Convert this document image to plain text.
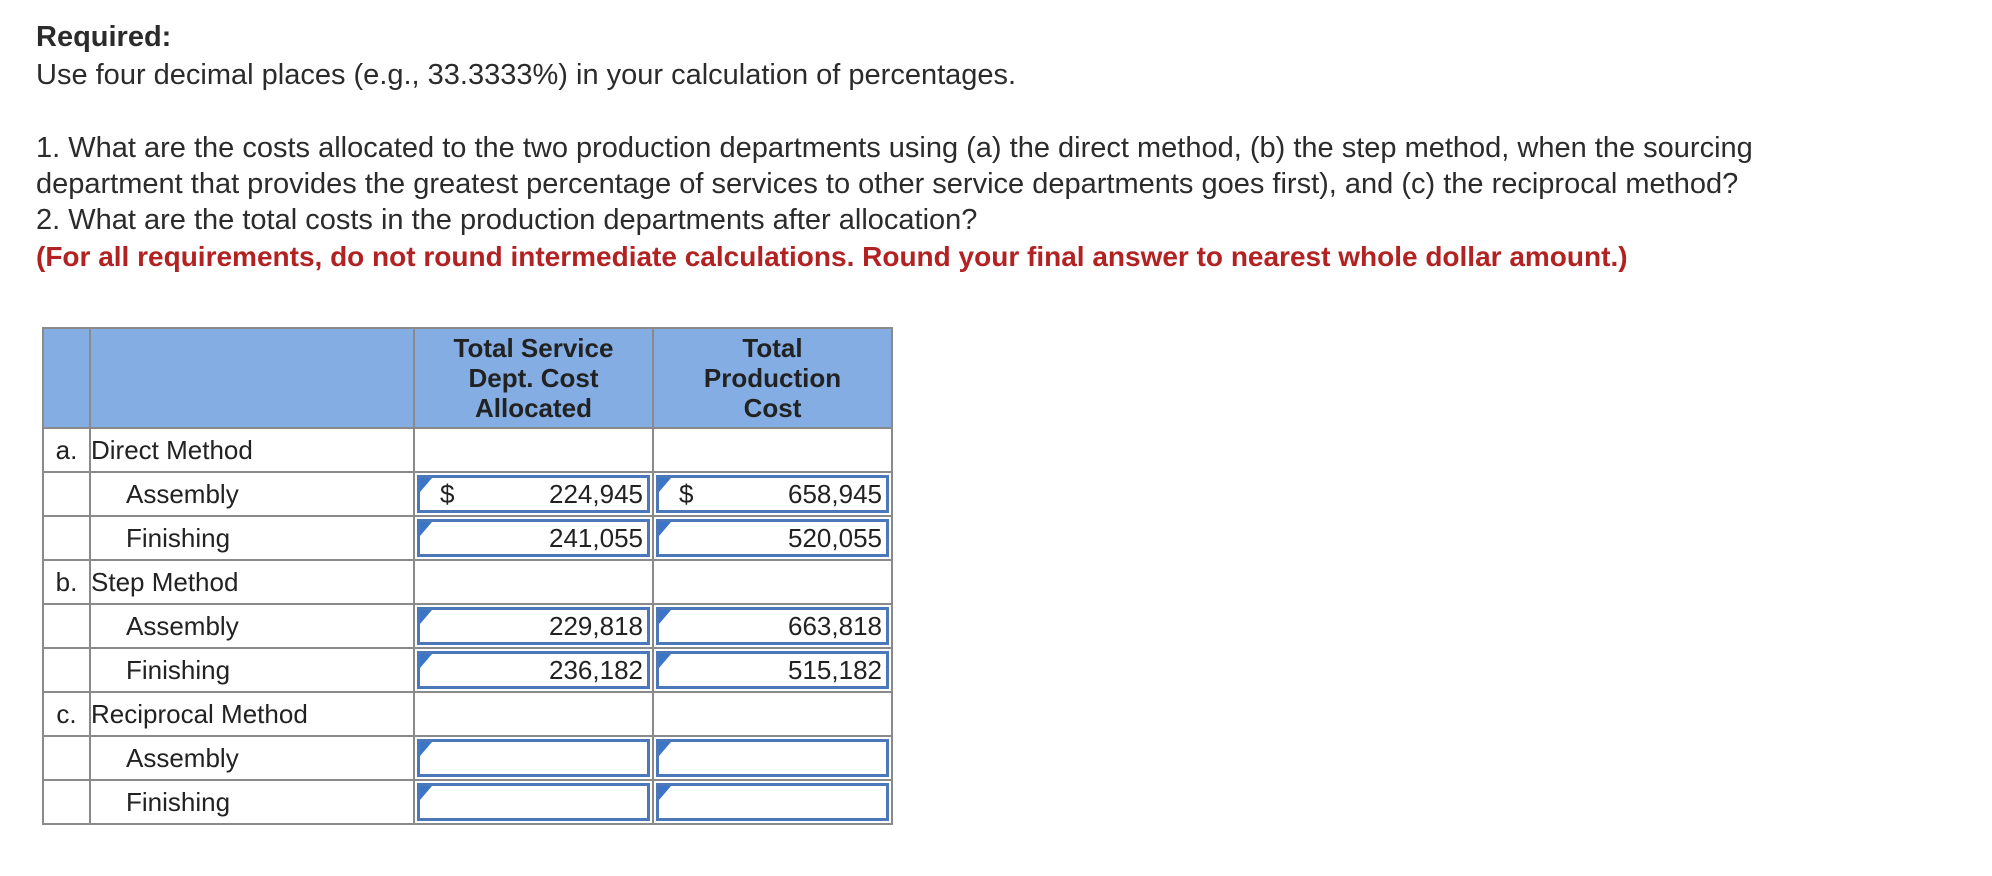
Required:

Use four decimal places (e.g., 33.3333%) in your calculation of percentages.

1. What are the costs allocated to the two production departments using (a) the direct method, (b) the step method, when the sourcing

department that provides the greatest percentage of services to other service departments goes first), and (c) the reciprocal method?

2. What are the total costs in the production departments after allocation?

(For all requirements, do not round intermediate calculations. Round your final answer to nearest whole dollar amount.)

		Total Service Dept. Cost Allocated	Total Production Cost

a.	Direct Method		
	Assembly	$ 224,945	$ 658,945

	Finishing	241,055	520,055

b.	Step Method		
	Assembly	229,818	663,818

	Finishing	236,182	515,182

c.	Reciprocal Method		
	Assembly	

	Finishing	
